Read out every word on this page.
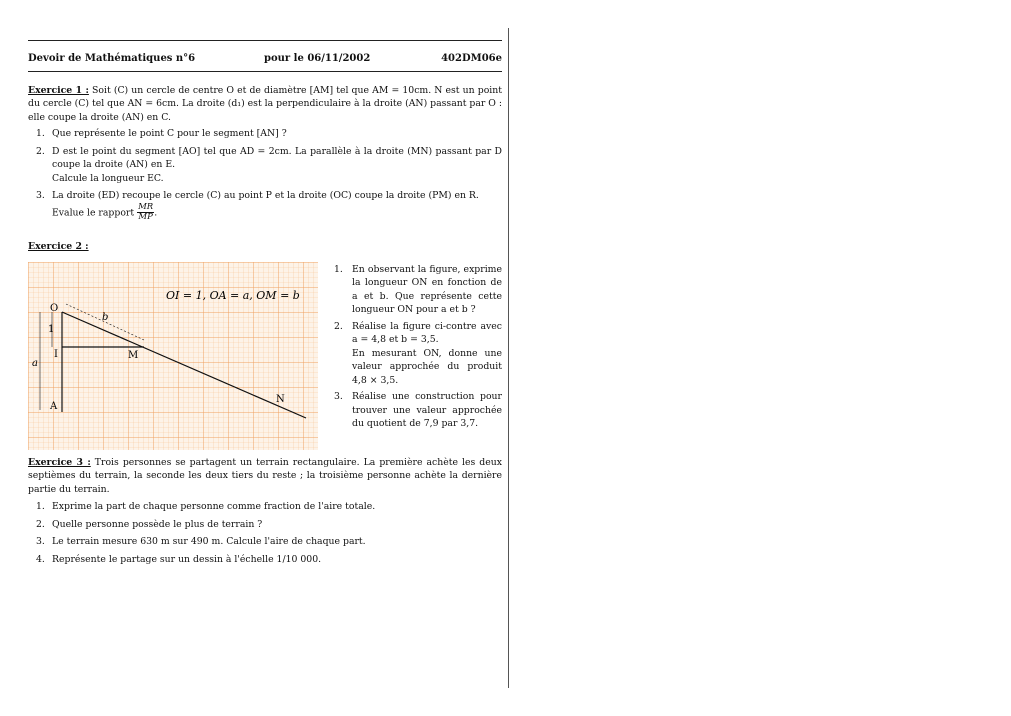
Devoir de Mathématiques n°6	pour le 06/11/2002	402DM06e
Exercice 1 : Soit (C) un cercle de centre O et de diamètre [AM] tel que AM = 10cm. N est un point du cercle (C) tel que AN = 6cm. La droite (d₁) est la perpendiculaire à la droite (AN) passant par O : elle coupe la droite (AN) en C.
1. Que représente le point C pour le segment [AN] ?
2. D est le point du segment [AO] tel que AD = 2cm. La parallèle à la droite (MN) passant par D coupe la droite (AN) en E.
Calcule la longueur EC.
3. La droite (ED) recoupe le cercle (C) au point P et la droite (OC) coupe la droite (PM) en R.
Evalue le rapport $\frac{MR}{MP}$ .
Exercice 2 :
OI = 1, OA = a, OM = b
O
I	M
A
N
b
1
a
1. En observant la figure, exprime la longueur ON en fonction de a et b. Que représente cette longueur ON pour a et b ?
2. Réalise la figure ci-contre avec a = 4,8 et b = 3,5.
En mesurant ON, donne une valeur approchée du produit 4,8 × 3,5.
3. Réalise une construction pour trouver une valeur approchée du quotient de 7,9 par 3,7.
Exercice 3 : Trois personnes se partagent un terrain rectangulaire. La première achète les deux septièmes du terrain, la seconde les deux tiers du reste ; la troisième personne achète la dernière partie du terrain.
1. Exprime la part de chaque personne comme fraction de l'aire totale.
2. Quelle personne possède le plus de terrain ?
3. Le terrain mesure 630 m sur 490 m. Calcule l'aire de chaque part.
4. Représente le partage sur un dessin à l'échelle 1/10 000.
